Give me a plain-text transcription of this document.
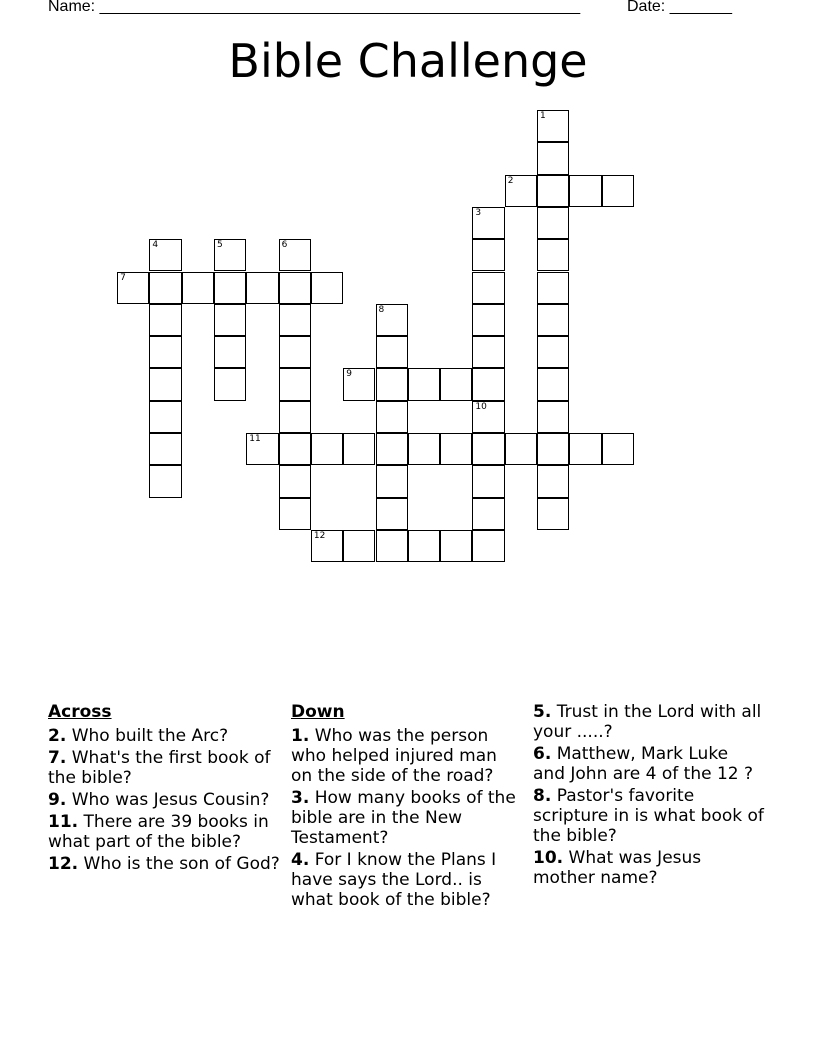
Name: ______________________________________________________	Date: _______
Bible Challenge
1
2
3
10
4	5	6
7
8
9
11
12
Across
2. Who built the Arc?
7. What's the first book of the bible?
9. Who was Jesus Cousin?
11. There are 39 books in what part of the bible?
12. Who is the son of God?
Down
1. Who was the person who helped injured man on the side of the road?
3. How many books of the bible are in the New Testament?
4. For I know the Plans I have says the Lord.. is what book of the bible?
5. Trust in the Lord with all your .....?
6. Matthew, Mark Luke and John are 4 of the 12 ?
8. Pastor's favorite scripture in is what book of the bible?
10. What was Jesus mother name?
